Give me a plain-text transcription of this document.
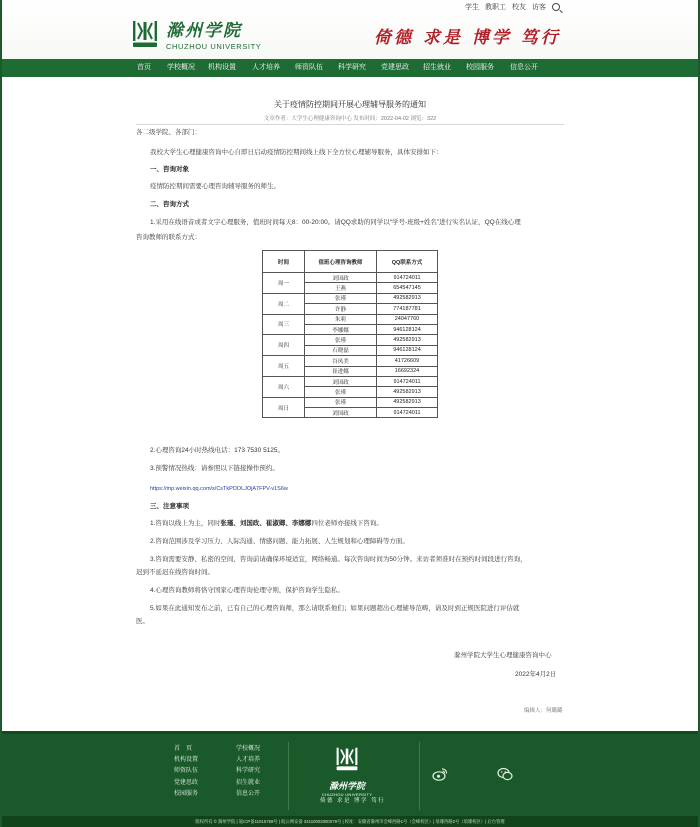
学生 教职工 校友 访客
滁州学院
CHUZHOU UNIVERSITY	倚德 求是 博学 笃行
首页	学校概况	机构设置	人才培养	师资队伍	科学研究	党建思政	招生就业	校园服务	信息公开
关于疫情防控期间开展心理辅导服务的通知
文章作者：大学生心理健康咨询中心 发布时间：2022-04-02 浏览：322
各二级学院、各部门：
我校大学生心理健康咨询中心自即日启动疫情防控期间线上线下全方位心理辅导服务，具体安排如下：
一、咨询对象
疫情防控期间需要心理咨询辅导服务的师生。
二、咨询方式
1.采用在线语音或者文字心理服务，值班时间每天8：00-20:00。请QQ求助的同学以“学号-班级+姓名”进行实名认证，QQ在线心理
咨询教师的联系方式：
时间	值班心理咨询教师	QQ联系方式
周一	刘国政	914724011
	王燕	654547145
周二	张瑾	492582913
	许静	774187781
周三	朱莉	24047760
	李娜娜	946128124
周四	张瑾	492582913
	石晓磊	946128124
周五	谷凤美	41726609
	崔进娜	16692324
周六	刘国政	914724011
	张瑾	492582913
周日	张瑾	492582913
	刘国政	914724011
2.心理咨询24小时热线电话：173 7530 5125。
3.预警情况热线：请参照以下链接操作预约。
https://mp.weixin.qq.com/s/CsTkPDOLJOjA7FPV-v1S6w
三、注意事项
1.咨询以线上为主，同时张瑾、刘国政、崔淑卿、李娜娜四位老师亦接线下咨询。
2.咨询范围涉及学习压力、人际沟通、情感问题、能力拓展、人生规划和心理障碍等方面。
3.咨询需要安静、私密的空间，咨询前请确保环境适宜，网络畅通。每次咨询时间为50分钟。来访者须准时在预约时间段进行咨询，
迟到不延迟在线咨询时间。
4.心理咨询教师将恪守国家心理咨询伦理守则，保护咨询学生隐私。
5.如果在此通知发布之前，已有自己的心理咨询师，那么请联系他们；如果问题超出心理辅导范畴，请及时到正规医院进行评估就
医。
滁州学院大学生心理健康咨询中心
2022年4月2日
编辑人：何璐璐
首　页	学校概况
机构设置	人才培养
师资队伍	科学研究
党建思政	招生就业
校园服务	信息公开
滁州学院
CHUZHOU UNIVERSITY
倚德 求是 博学 笃行
版权所有 © 滁州学院 | 皖ICP备11015759号 | 皖公网安备 34110002000079号 | 校址：安徽省滁州市会峰西路1号（会峰校区）| 琅琊西路2号（琅琊校区）| 后台管理
